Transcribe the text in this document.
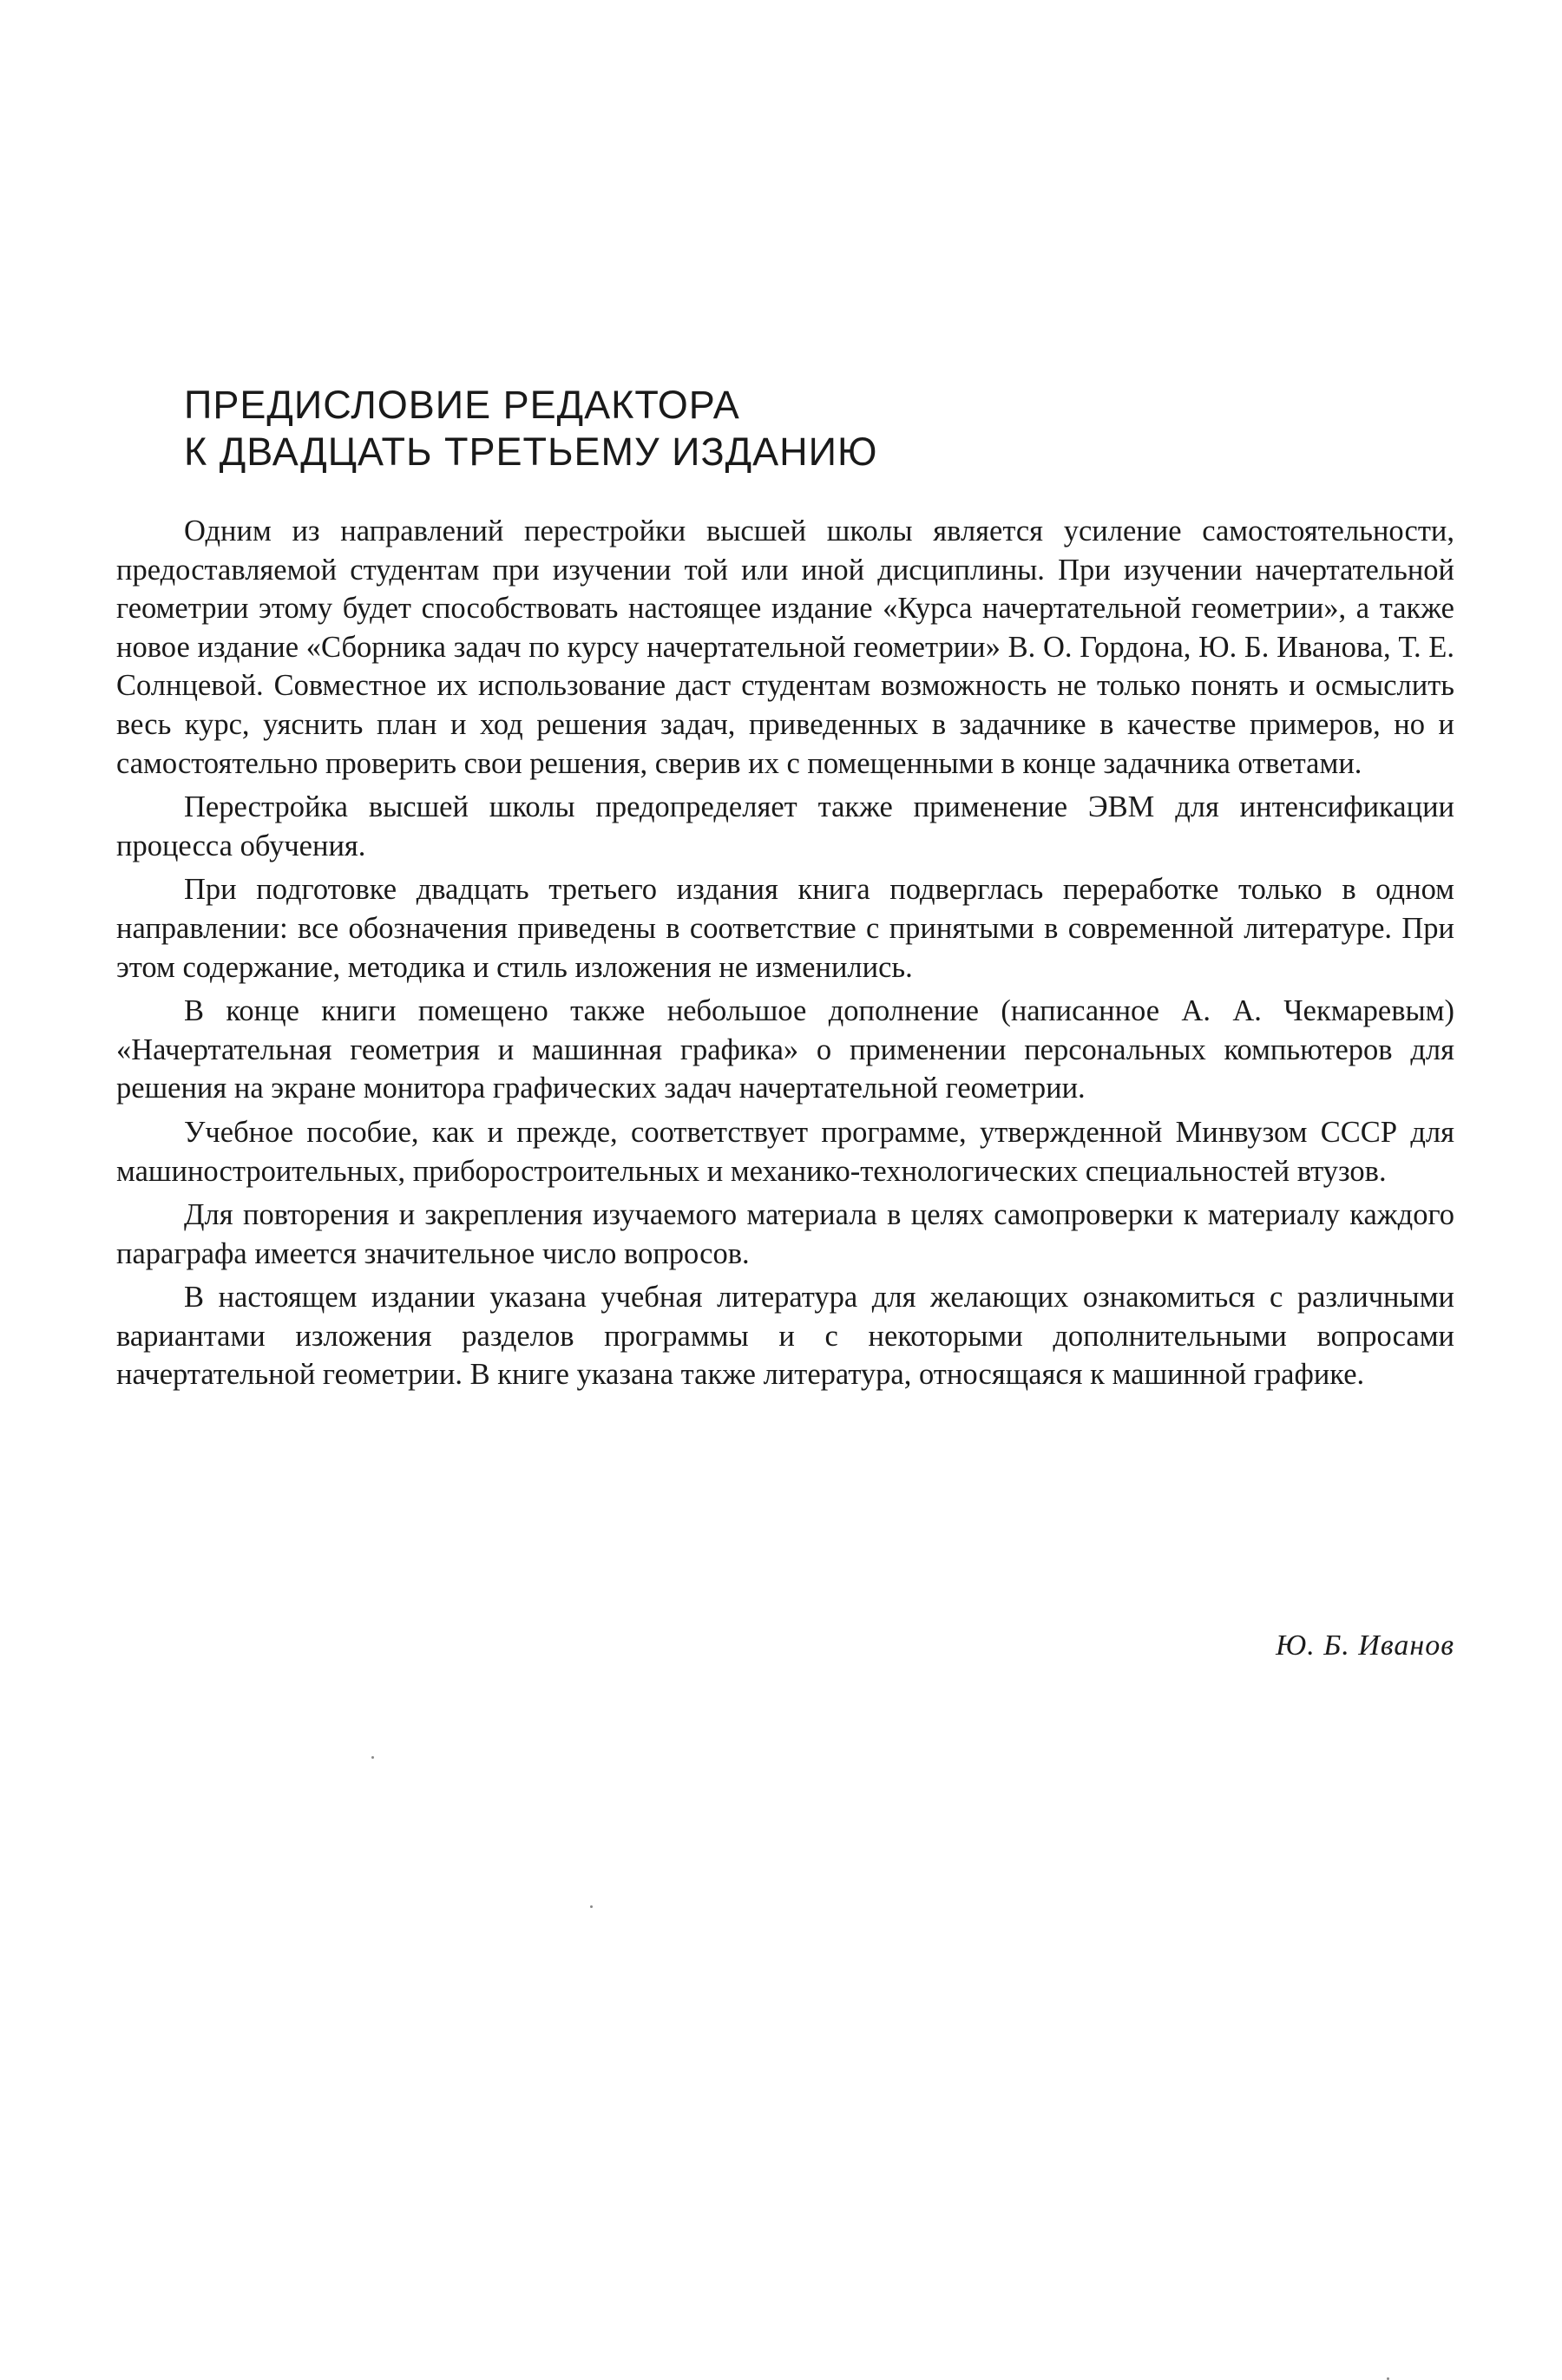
ПРЕДИСЛОВИЕ РЕДАКТОРА
К ДВАДЦАТЬ ТРЕТЬЕМУ ИЗДАНИЮ

Одним из направлений перестройки высшей школы является усиление самостоятельности, предоставляемой студентам при изучении той или иной дисциплины. При изучении начертательной геометрии этому будет способствовать настоящее издание «Курса начертательной геометрии», а также новое издание «Сборника задач по курсу начертательной геометрии» В. О. Гордона, Ю. Б. Иванова, Т. Е. Солнцевой. Совместное их использование даст студентам возможность не только понять и осмыслить весь курс, уяснить план и ход решения задач, приведенных в задачнике в качестве примеров, но и самостоятельно проверить свои решения, сверив их с помещенными в конце задачника ответами.

Перестройка высшей школы предопределяет также применение ЭВМ для интенсификации процесса обучения.

При подготовке двадцать третьего издания книга подверглась переработке только в одном направлении: все обозначения приведены в соответствие с принятыми в современной литературе. При этом содержание, методика и стиль изложения не изменились.

В конце книги помещено также небольшое дополнение (написанное А. А. Чекмаревым) «Начертательная геометрия и машинная графика» о применении персональных компьютеров для решения на экране монитора графических задач начертательной геометрии.

Учебное пособие, как и прежде, соответствует программе, утвержденной Минвузом СССР для машиностроительных, приборостроительных и механико-технологических специальностей втузов.

Для повторения и закрепления изучаемого материала в целях самопроверки к материалу каждого параграфа имеется значительное число вопросов.

В настоящем издании указана учебная литература для желающих ознакомиться с различными вариантами изложения разделов программы и с некоторыми дополнительными вопросами начертательной геометрии. В книге указана также литература, относящаяся к машинной графике.

Ю. Б. Иванов
